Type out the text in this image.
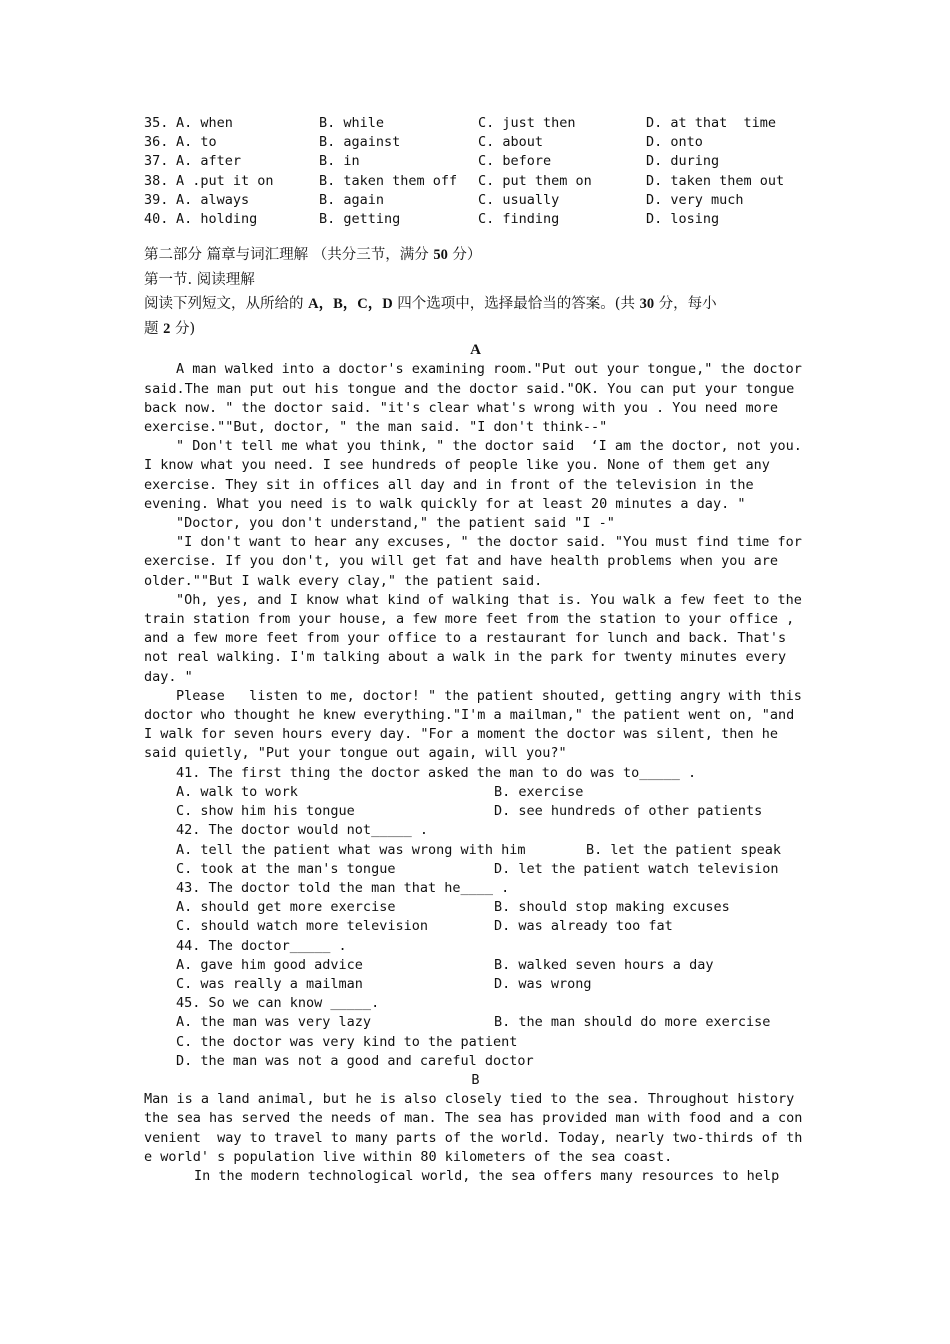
35.	A. when	B. while	C. just then	D. at that  time
36.	A. to	B. against	C. about	D. onto
37.	A. after	B. in	C. before	D. during
38.	A .put it on	B. taken them off	C. put them on	D. taken them out
39.	A. always	B. again	C. usually	D. very much
40.	A. holding	B. getting	C. finding	D. losing

第二部分 篇章与词汇理解 （共分三节，满分 50 分）

第一节. 阅读理解

阅读下列短文，从所给的 A，B，C，D 四个选项中，选择最恰当的答案。(共 30 分，每小
题 2 分)

A

A man walked into a doctor's examining room."Put out your tongue," the doctor said.The man put out his tongue and the doctor said."OK. You can put your tongue back now. " the doctor said. "it's clear what's wrong with you . You need more exercise.""But, doctor, " the man said. "I don't think--"

" Don't tell me what you think, " the doctor said  ‘I am the doctor, not you. I know what you need. I see hundreds of people like you. None of them get any exercise. They sit in offices all day and in front of the television in the evening. What you need is to walk quickly for at least 20 minutes a day. "

"Doctor, you don't understand," the patient said "I -"

"I don't want to hear any excuses, " the doctor said. "You must find time for exercise. If you don't, you will get fat and have health problems when you are older.""But I walk every clay," the patient said.

"Oh, yes, and I know what kind of walking that is. You walk a few feet to the train station from your house, a few more feet from the station to your office , and a few more feet from your office to a restaurant for lunch and back. That's not real walking. I'm talking about a walk in the park for twenty minutes every day. "

Please   listen to me, doctor! " the patient shouted, getting angry with this doctor who thought he knew everything."I'm a mailman," the patient went on, "and I walk for seven hours every day. "For a moment the doctor was silent, then he said quietly, "Put your tongue out again, will you?"

41. The first thing the doctor asked the man to do was to_____ .

A. walk to work	B. exercise

C. show him his tongue	D. see hundreds of other patients

42. The doctor would not_____ .

A. tell the patient what was wrong with him	B. let the patient speak

C. took at the man's tongue	D. let the patient watch television

43. The doctor told the man that he____ .

A. should get more exercise	B. should stop making excuses

C. should watch more television	D. was already too fat

44. The doctor_____ .

A. gave him good advice	B. walked seven hours a day

C. was really a mailman	D. was wrong

45. So we can know _____.

A. the man was very lazy	B. the man should do more exercise

C. the doctor was very kind to the patient

D. the man was not a good and careful doctor

B

Man is a land animal, but he is also closely tied to the sea. Throughout history the sea has served the needs of man. The sea has provided man with food and a convenient  way to travel to many parts of the world. Today, nearly two-thirds of the world' s population live within 80 kilometers of the sea coast.

In the modern technological world, the sea offers many resources to help
